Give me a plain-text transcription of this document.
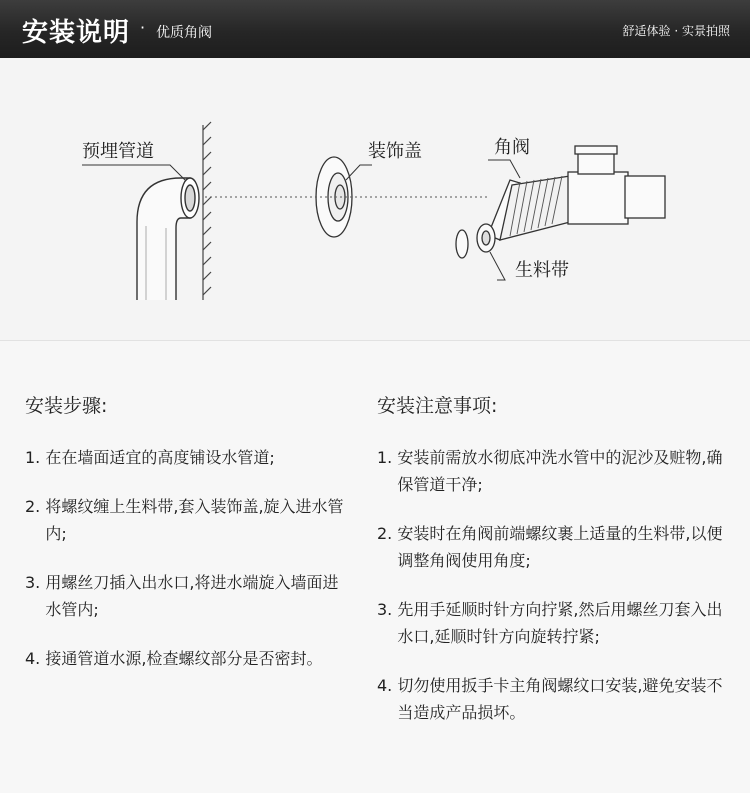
安装说明 · 优质角阀	舒适体验 · 实景拍照
预埋管道	装饰盖	角阀
生料带
安装步骤:
1. 在在墙面适宜的高度铺设水管道;
2. 将螺纹缠上生料带,套入装饰盖,旋入进水管内;
3. 用螺丝刀插入出水口,将进水端旋入墙面进水管内;
4. 接通管道水源,检查螺纹部分是否密封。
安装注意事项:
1. 安装前需放水彻底冲洗水管中的泥沙及赃物,确保管道干净;
2. 安装时在角阀前端螺纹裹上适量的生料带,以便调整角阀使用角度;
3. 先用手延顺时针方向拧紧,然后用螺丝刀套入出水口,延顺时针方向旋转拧紧;
4. 切勿使用扳手卡主角阀螺纹口安装,避免安装不当造成产品损坏。
